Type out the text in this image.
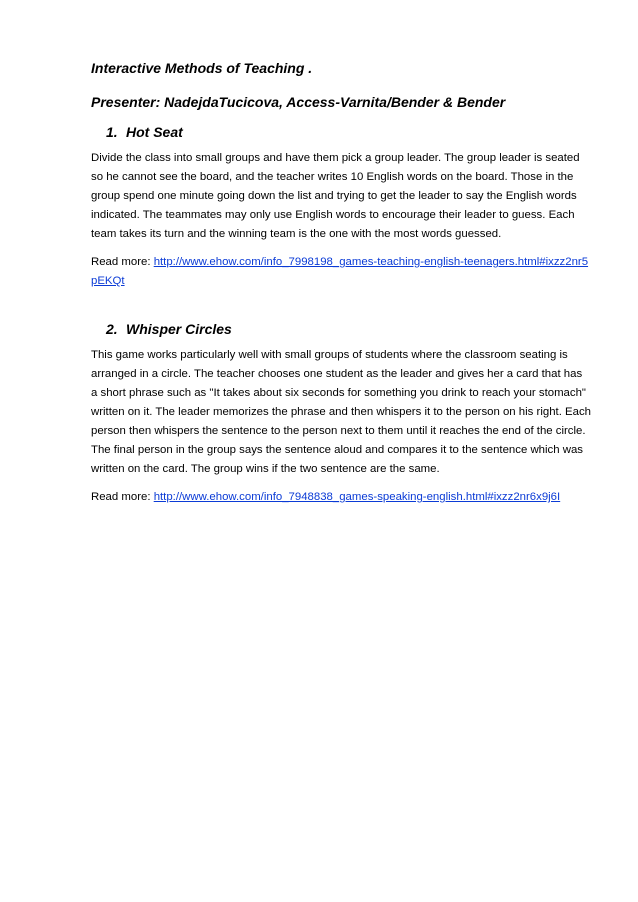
Interactive Methods of Teaching .

Presenter: NadejdaTucicova, Access-Varnita/Bender & Bender

1. Hot Seat

Divide the class into small groups and have them pick a group leader. The group leader is seated so he cannot see the board, and the teacher writes 10 English words on the board. Those in the group spend one minute going down the list and trying to get the leader to say the English words indicated. The teammates may only use English words to encourage their leader to guess. Each team takes its turn and the winning team is the one with the most words guessed.

Read more: http://www.ehow.com/info_7998198_games-teaching-english-teenagers.html#ixzz2nr5pEKQt

2. Whisper Circles

This game works particularly well with small groups of students where the classroom seating is arranged in a circle. The teacher chooses one student as the leader and gives her a card that has a short phrase such as "It takes about six seconds for something you drink to reach your stomach" written on it. The leader memorizes the phrase and then whispers it to the person on his right. Each person then whispers the sentence to the person next to them until it reaches the end of the circle. The final person in the group says the sentence aloud and compares it to the sentence which was written on the card. The group wins if the two sentence are the same.

Read more: http://www.ehow.com/info_7948838_games-speaking-english.html#ixzz2nr6x9j6I
